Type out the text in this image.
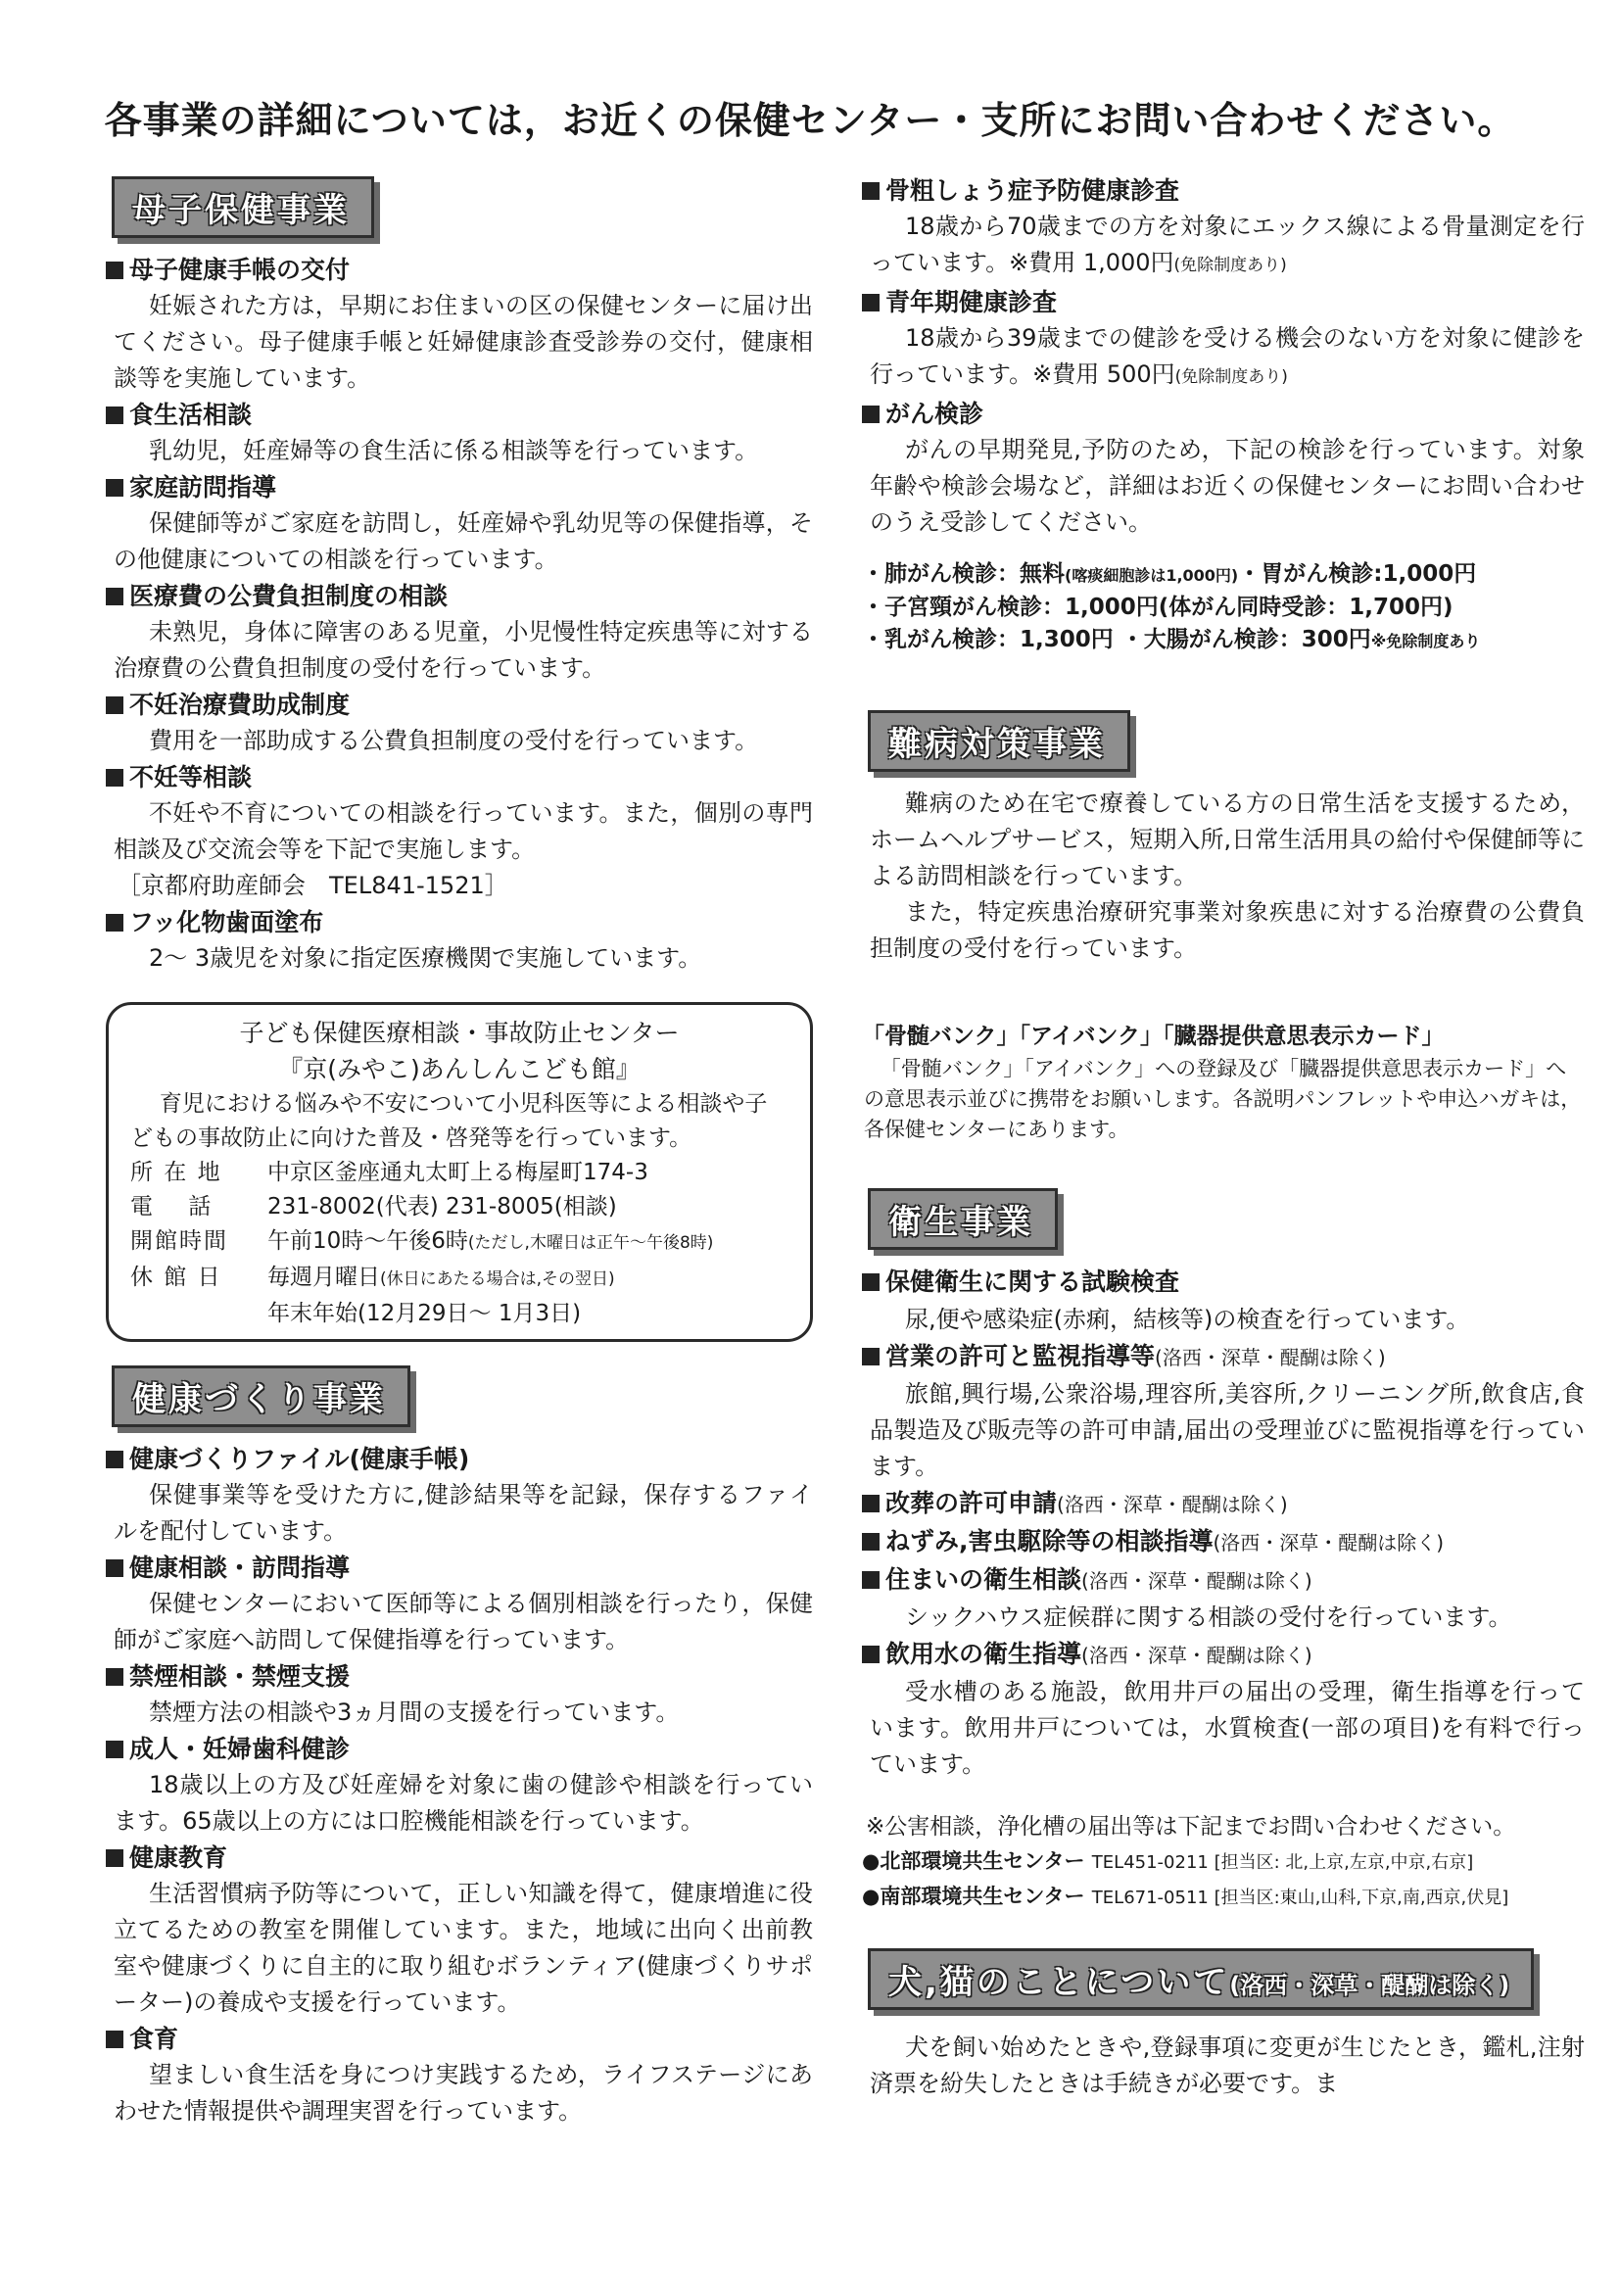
各事業の詳細については，お近くの保健センター・支所にお問い合わせください。
母子保健事業
母子健康手帳の交付
妊娠された方は，早期にお住まいの区の保健センターに届け出てください。母子健康手帳と妊婦健康診査受診券の交付，健康相談等を実施しています。
食生活相談
乳幼児，妊産婦等の食生活に係る相談等を行っています。
家庭訪問指導
保健師等がご家庭を訪問し，妊産婦や乳幼児等の保健指導，その他健康についての相談を行っています。
医療費の公費負担制度の相談
未熟児，身体に障害のある児童，小児慢性特定疾患等に対する治療費の公費負担制度の受付を行っています。
不妊治療費助成制度
費用を一部助成する公費負担制度の受付を行っています。
不妊等相談
不妊や不育についての相談を行っています。また，個別の専門相談及び交流会等を下記で実施します。
［京都府助産師会　TEL841-1521］
フッ化物歯面塗布
2～ 3歳児を対象に指定医療機関で実施しています。
子ども保健医療相談・事故防止センター
『京(みやこ)あんしんこども館』
育児における悩みや不安について小児科医等による相談や子どもの事故防止に向けた普及・啓発等を行っています。
所 在 地	中京区釜座通丸太町上る梅屋町174-3
電　 話	231-8002(代表) 231-8005(相談)
開館時間	午前10時～午後6時(ただし,木曜日は正午～午後8時)
休 館 日	毎週月曜日(休日にあたる場合は,その翌日)
年末年始(12月29日～ 1月3日)
健康づくり事業
健康づくりファイル(健康手帳)
保健事業等を受けた方に,健診結果等を記録，保存するファイルを配付しています。
健康相談・訪問指導
保健センターにおいて医師等による個別相談を行ったり，保健師がご家庭へ訪問して保健指導を行っています。
禁煙相談・禁煙支援
禁煙方法の相談や3ヵ月間の支援を行っています。
成人・妊婦歯科健診
18歳以上の方及び妊産婦を対象に歯の健診や相談を行っています。65歳以上の方には口腔機能相談を行っています。
健康教育
生活習慣病予防等について，正しい知識を得て，健康増進に役立てるための教室を開催しています。また，地域に出向く出前教室や健康づくりに自主的に取り組むボランティア(健康づくりサポーター)の養成や支援を行っています。
食育
望ましい食生活を身につけ実践するため，ライフステージにあわせた情報提供や調理実習を行っています。
骨粗しょう症予防健康診査
18歳から70歳までの方を対象にエックス線による骨量測定を行っています。※費用 1,000円(免除制度あり)
青年期健康診査
18歳から39歳までの健診を受ける機会のない方を対象に健診を行っています。※費用 500円(免除制度あり)
がん検診
がんの早期発見,予防のため，下記の検診を行っています。対象年齢や検診会場など，詳細はお近くの保健センターにお問い合わせのうえ受診してください。
・肺がん検診：無料(喀痰細胞診は1,000円)・胃がん検診:1,000円
・子宮頸がん検診：1,000円(体がん同時受診：1,700円)
・乳がん検診：1,300円 ・大腸がん検診：300円※免除制度あり
難病対策事業
難病のため在宅で療養している方の日常生活を支援するため，ホームヘルプサービス，短期入所,日常生活用具の給付や保健師等による訪問相談を行っています。
また，特定疾患治療研究事業対象疾患に対する治療費の公費負担制度の受付を行っています。
「骨髄バンク」「アイバンク」「臓器提供意思表示カード」
「骨髄バンク」「アイバンク」への登録及び「臓器提供意思表示カード」への意思表示並びに携帯をお願いします。各説明パンフレットや申込ハガキは，各保健センターにあります。
衛生事業
保健衛生に関する試験検査
尿,便や感染症(赤痢，結核等)の検査を行っています。
営業の許可と監視指導等(洛西・深草・醍醐は除く)
旅館,興行場,公衆浴場,理容所,美容所,クリーニング所,飲食店,食品製造及び販売等の許可申請,届出の受理並びに監視指導を行っています。
改葬の許可申請(洛西・深草・醍醐は除く)
ねずみ,害虫駆除等の相談指導(洛西・深草・醍醐は除く)
住まいの衛生相談(洛西・深草・醍醐は除く)
シックハウス症候群に関する相談の受付を行っています。
飲用水の衛生指導(洛西・深草・醍醐は除く)
受水槽のある施設，飲用井戸の届出の受理，衛生指導を行っています。飲用井戸については，水質検査(一部の項目)を有料で行っています。
※公害相談，浄化槽の届出等は下記までお問い合わせください。
●北部環境共生センター TEL451-0211 [担当区: 北,上京,左京,中京,右京]
●南部環境共生センター TEL671-0511 [担当区:東山,山科,下京,南,西京,伏見]
犬,猫のことについて(洛西・深草・醍醐は除く)
犬を飼い始めたときや,登録事項に変更が生じたとき，鑑札,注射済票を紛失したときは手続きが必要です。ま
